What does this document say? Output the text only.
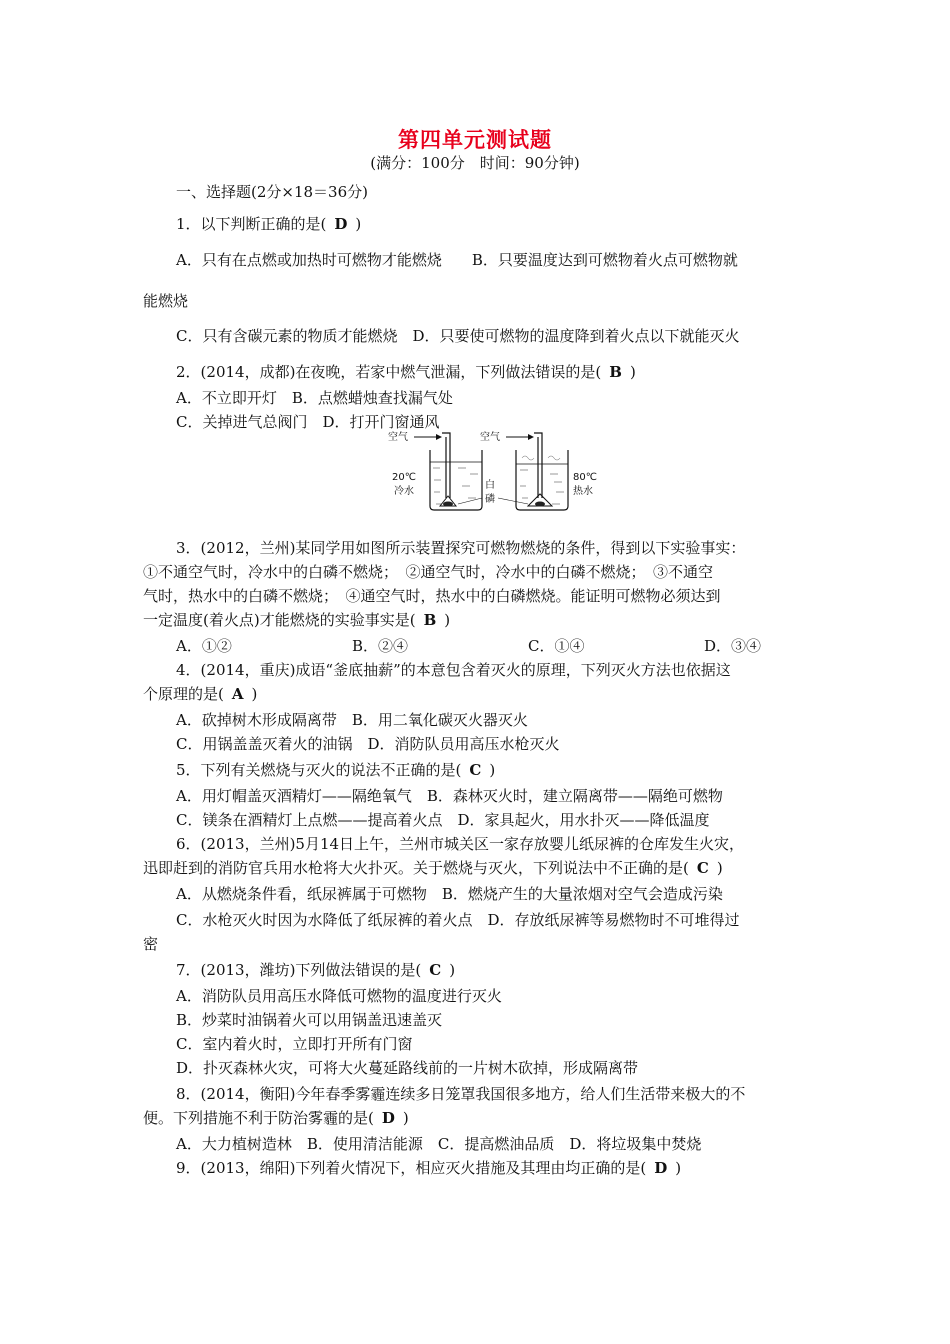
第四单元测试题
(满分：100分　时间：90分钟)
一、选择题(2分×18＝36分)
1．以下判断正确的是( D )
A．只有在点燃或加热时可燃物才能燃烧　　B．只要温度达到可燃物着火点可燃物就
能燃烧
C．只有含碳元素的物质才能燃烧　D．只要使可燃物的温度降到着火点以下就能灭火
2．(2014，成都)在夜晚，若家中燃气泄漏，下列做法错误的是( B )
A．不立即开灯　B．点燃蜡烛查找漏气处
C．关掉进气总阀门　D．打开门窗通风
空气
20℃
冷水
白
磷
空气
80℃
热水
3．(2012，兰州)某同学用如图所示装置探究可燃物燃烧的条件，得到以下实验事实：
①不通空气时，冷水中的白磷不燃烧；　②通空气时，冷水中的白磷不燃烧；　③不通空
气时，热水中的白磷不燃烧；　④通空气时，热水中的白磷燃烧。能证明可燃物必须达到
一定温度(着火点)才能燃烧的实验事实是( B )
A．①②	B．②④	C．①④	D．③④
4．(2014，重庆)成语“釜底抽薪”的本意包含着灭火的原理，下列灭火方法也依据这
个原理的是( A )
A．砍掉树木形成隔离带　B．用二氧化碳灭火器灭火
C．用锅盖盖灭着火的油锅　D．消防队员用高压水枪灭火
5．下列有关燃烧与灭火的说法不正确的是( C )
A．用灯帽盖灭酒精灯——隔绝氧气　B．森林灭火时，建立隔离带——隔绝可燃物
C．镁条在酒精灯上点燃——提高着火点　D．家具起火，用水扑灭——降低温度
6．(2013，兰州)5月14日上午，兰州市城关区一家存放婴儿纸尿裤的仓库发生火灾，
迅即赶到的消防官兵用水枪将大火扑灭。关于燃烧与灭火，下列说法中不正确的是( C )
A．从燃烧条件看，纸尿裤属于可燃物　B．燃烧产生的大量浓烟对空气会造成污染
C．水枪灭火时因为水降低了纸尿裤的着火点　D．存放纸尿裤等易燃物时不可堆得过
密
7．(2013，潍坊)下列做法错误的是( C )
A．消防队员用高压水降低可燃物的温度进行灭火
B．炒菜时油锅着火可以用锅盖迅速盖灭
C．室内着火时，立即打开所有门窗
D．扑灭森林火灾，可将大火蔓延路线前的一片树木砍掉，形成隔离带
8．(2014，衡阳)今年春季雾霾连续多日笼罩我国很多地方，给人们生活带来极大的不
便。下列措施不利于防治雾霾的是( D )
A．大力植树造林　B．使用清洁能源　C．提高燃油品质　D．将垃圾集中焚烧
9．(2013，绵阳)下列着火情况下，相应灭火措施及其理由均正确的是( D )
